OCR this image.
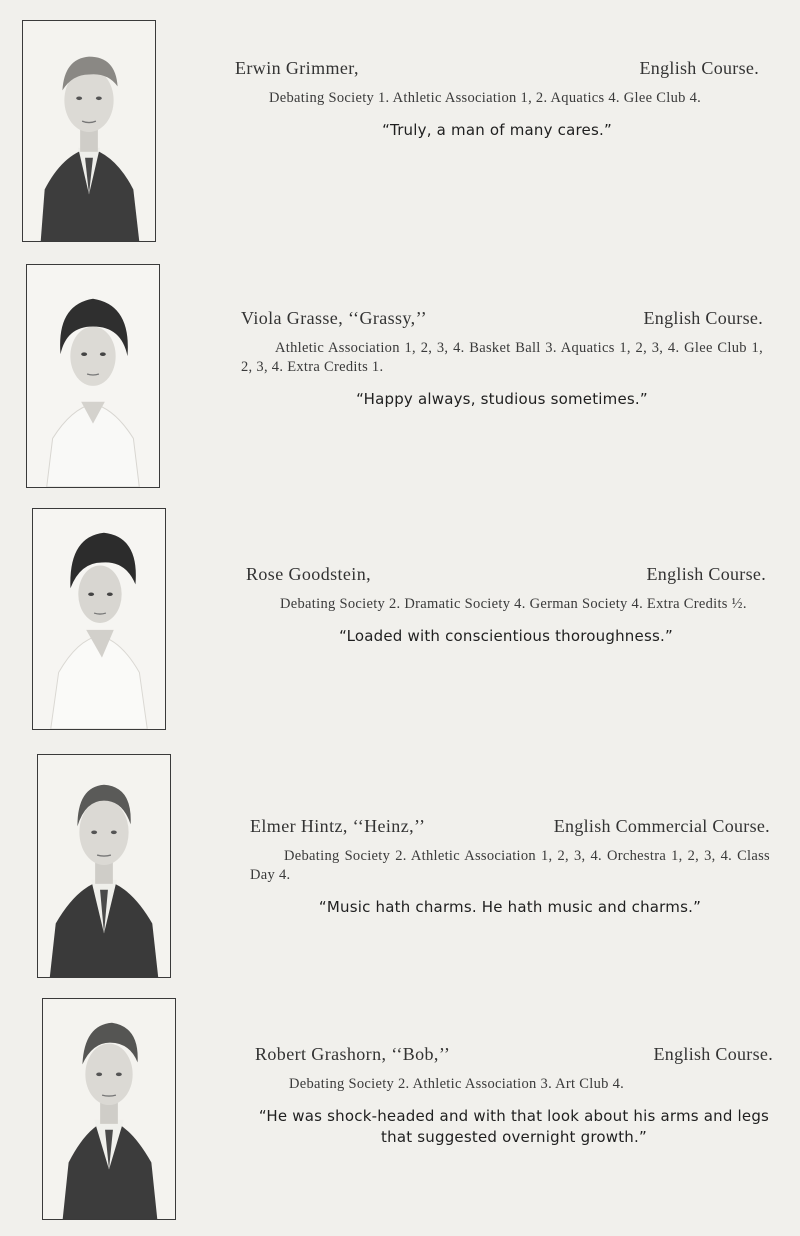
Erwin Grimmer,	English Course.
Debating Society 1. Athletic Association 1, 2. Aquatics 4. Glee Club 4.
“Truly, a man of many cares.”
Viola Grasse, ‘‘Grassy,’’	English Course.
Athletic Association 1, 2, 3, 4. Basket Ball 3. Aquatics 1, 2, 3, 4. Glee Club 1, 2, 3, 4. Extra Credits 1.
“Happy always, studious sometimes.”
Rose Goodstein,	English Course.
Debating Society 2. Dramatic Society 4. German Society 4. Extra Credits ½.
“Loaded with conscientious thoroughness.”
Elmer Hintz, ‘‘Heinz,’’	English Commercial Course.
Debating Society 2. Athletic Association 1, 2, 3, 4. Orchestra 1, 2, 3, 4. Class Day 4.
“Music hath charms. He hath music and charms.”
Robert Grashorn, ‘‘Bob,’’	English Course.
Debating Society 2. Athletic Association 3. Art Club 4.
“He was shock-headed and with that look about his arms and legs that suggested overnight growth.”
